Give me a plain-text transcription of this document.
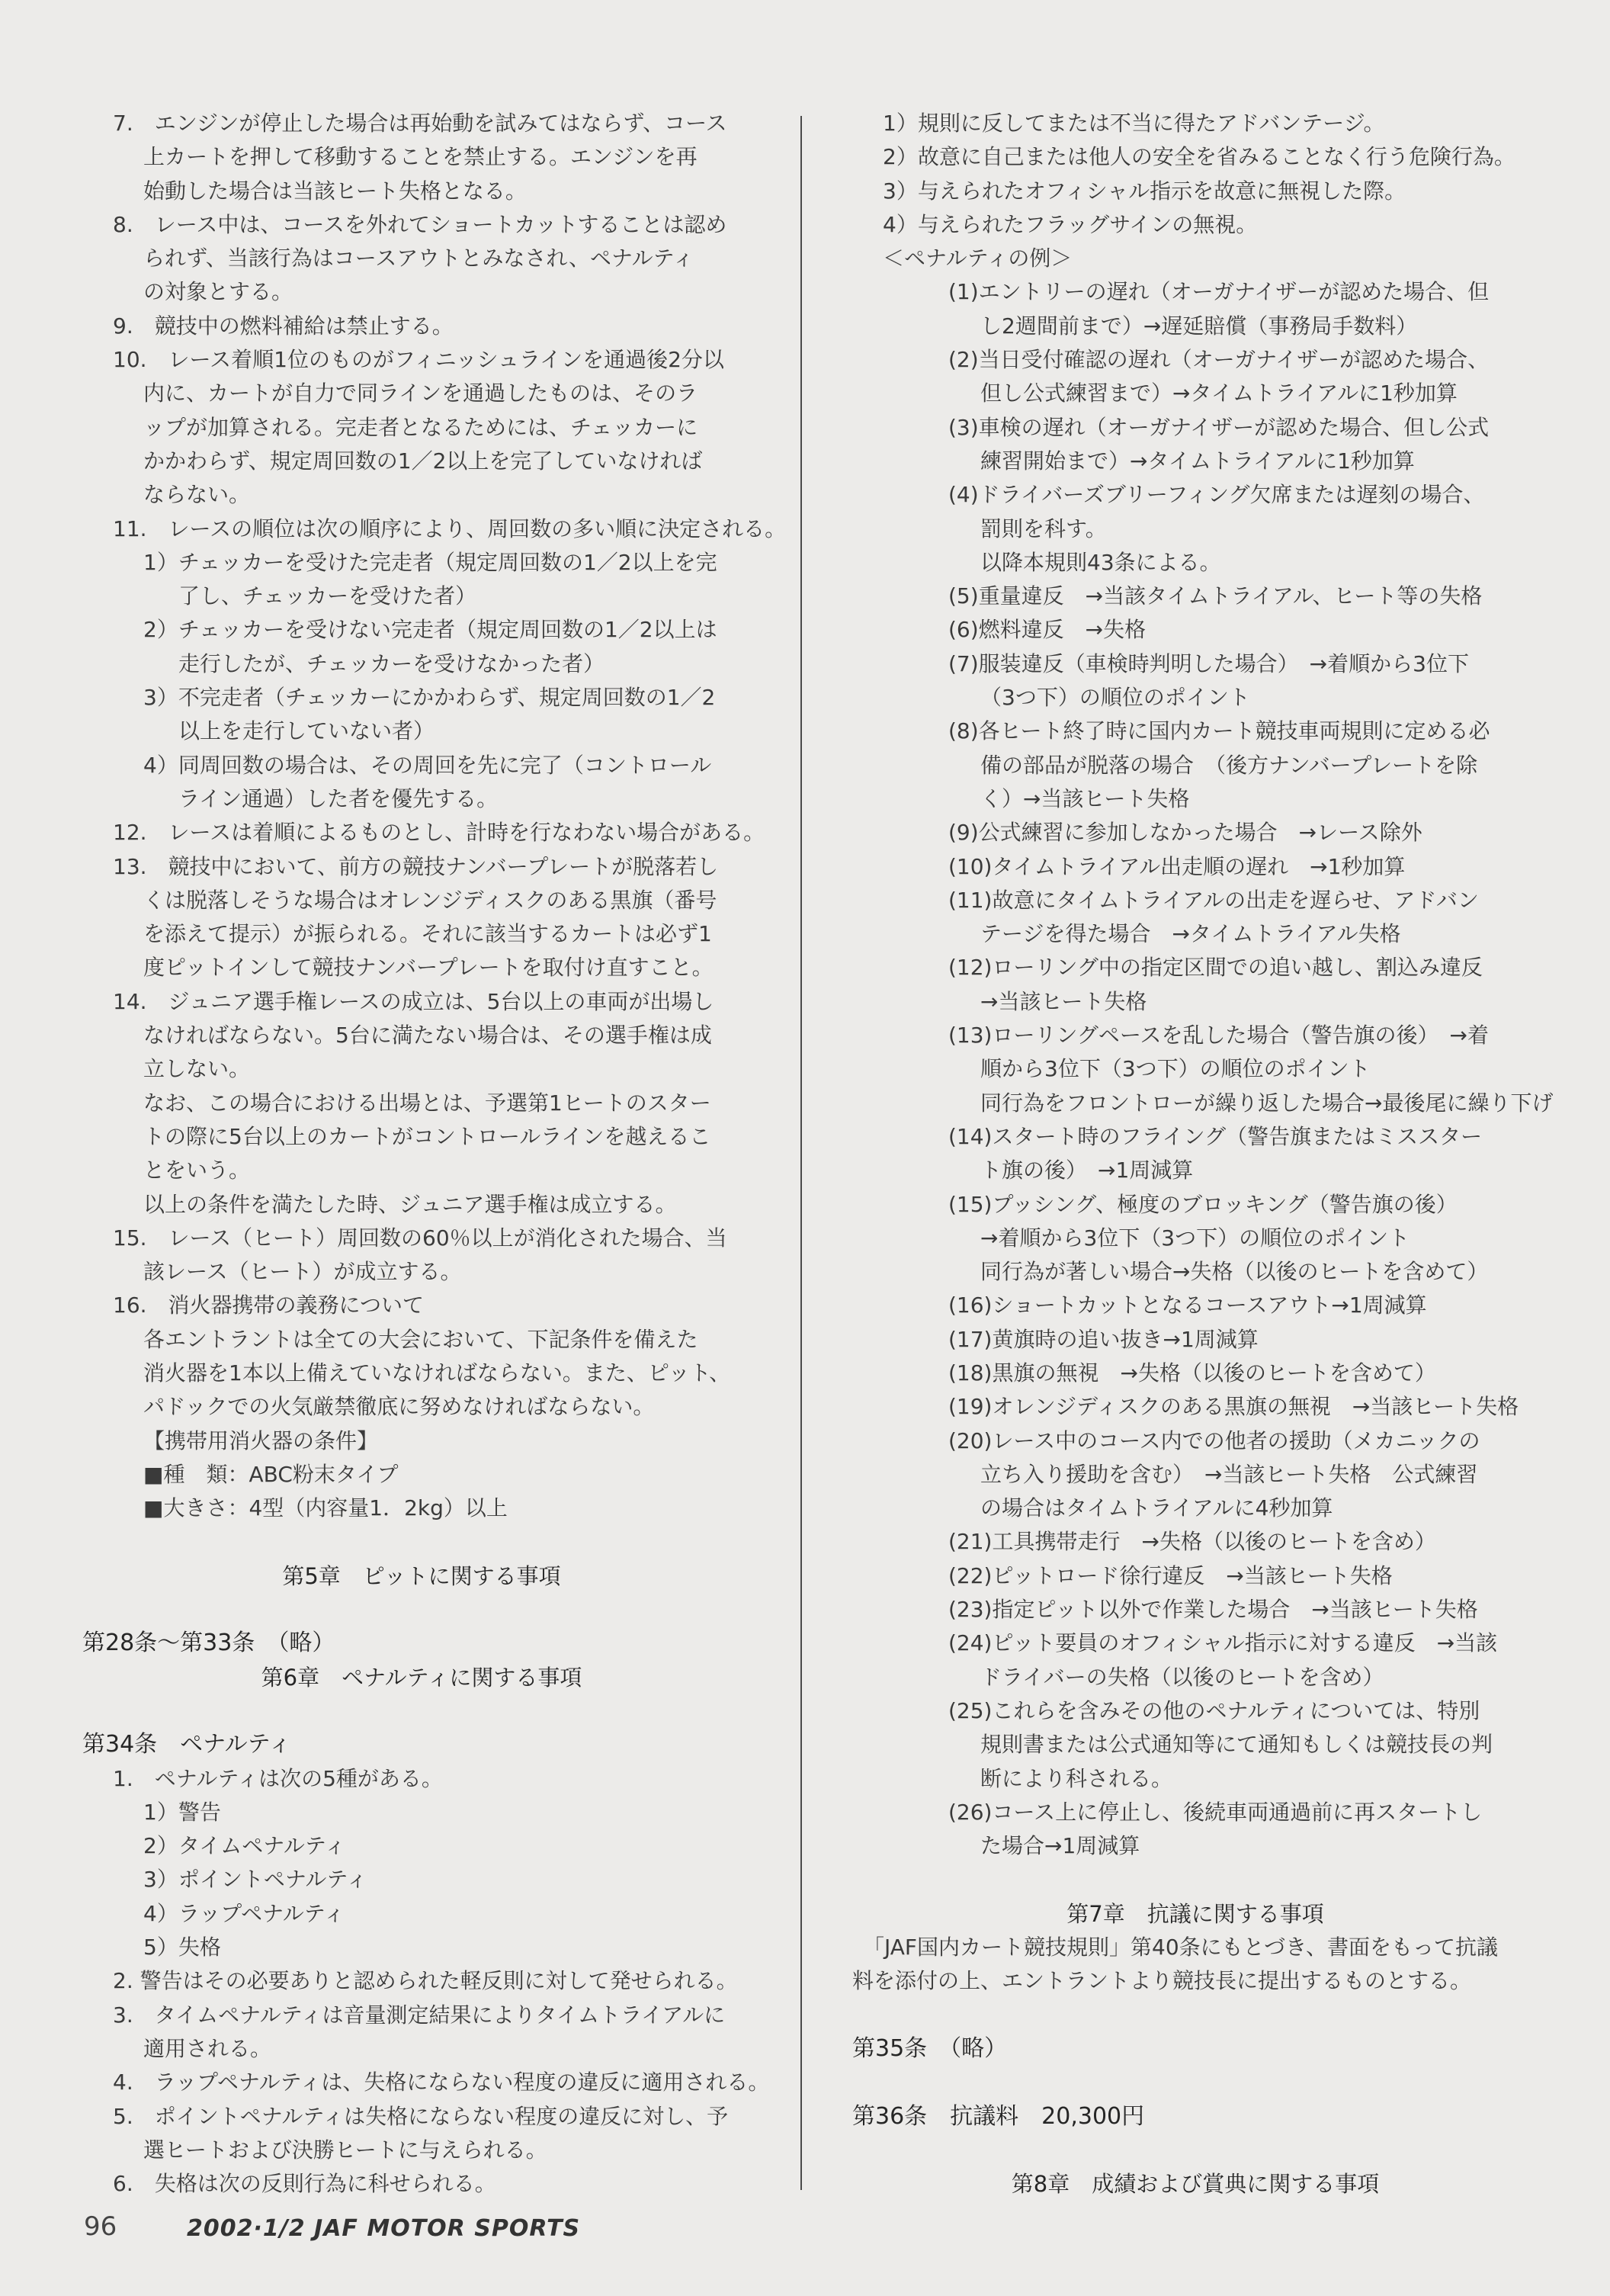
7.　エンジンが停止した場合は再始動を試みてはならず、コース
上カートを押して移動することを禁止する。エンジンを再
始動した場合は当該ヒート失格となる。
8.　レース中は、コースを外れてショートカットすることは認め
られず、当該行為はコースアウトとみなされ、ペナルティ
の対象とする。
9.　競技中の燃料補給は禁止する。
10.　レース着順1位のものがフィニッシュラインを通過後2分以
内に、カートが自力で同ラインを通過したものは、そのラ
ップが加算される。完走者となるためには、チェッカーに
かかわらず、規定周回数の1／2以上を完了していなければ
ならない。
11.　レースの順位は次の順序により、周回数の多い順に決定される。
1）チェッカーを受けた完走者（規定周回数の1／2以上を完
了し、チェッカーを受けた者）
2）チェッカーを受けない完走者（規定周回数の1／2以上は
走行したが、チェッカーを受けなかった者）
3）不完走者（チェッカーにかかわらず、規定周回数の1／2
以上を走行していない者）
4）同周回数の場合は、その周回を先に完了（コントロール
ライン通過）した者を優先する。
12.　レースは着順によるものとし、計時を行なわない場合がある。
13.　競技中において、前方の競技ナンバープレートが脱落若し
くは脱落しそうな場合はオレンジディスクのある黒旗（番号
を添えて提示）が振られる。それに該当するカートは必ず1
度ピットインして競技ナンバープレートを取付け直すこと。
14.　ジュニア選手権レースの成立は、5台以上の車両が出場し
なければならない。5台に満たない場合は、その選手権は成
立しない。
なお、この場合における出場とは、予選第1ヒートのスター
トの際に5台以上のカートがコントロールラインを越えるこ
とをいう。
以上の条件を満たした時、ジュニア選手権は成立する。
15.　レース（ヒート）周回数の60％以上が消化された場合、当
該レース（ヒート）が成立する。
16.　消火器携帯の義務について
各エントラントは全ての大会において、下記条件を備えた
消火器を1本以上備えていなければならない。また、ピット、
パドックでの火気厳禁徹底に努めなければならない。
【携帯用消火器の条件】
■種　類：ABC粉末タイプ
■大きさ：4型（内容量1．2kg）以上
第5章　ピットに関する事項
第28条〜第33条　（略）
第6章　ペナルティに関する事項
第34条　ペナルティ
1.　ペナルティは次の5種がある。
1）警告
2）タイムペナルティ
3）ポイントペナルティ
4）ラップペナルティ
5）失格
2. 警告はその必要ありと認められた軽反則に対して発せられる。
3.　タイムペナルティは音量測定結果によりタイムトライアルに
適用される。
4.　ラップペナルティは、失格にならない程度の違反に適用される。
5.　ポイントペナルティは失格にならない程度の違反に対し、予
選ヒートおよび決勝ヒートに与えられる。
6.　失格は次の反則行為に科せられる。
1）規則に反してまたは不当に得たアドバンテージ。
2）故意に自己または他人の安全を省みることなく行う危険行為。
3）与えられたオフィシャル指示を故意に無視した際。
4）与えられたフラッグサインの無視。
＜ペナルティの例＞
(1)エントリーの遅れ（オーガナイザーが認めた場合、但
し2週間前まで）→遅延賠償（事務局手数料）
(2)当日受付確認の遅れ（オーガナイザーが認めた場合、
但し公式練習まで）→タイムトライアルに1秒加算
(3)車検の遅れ（オーガナイザーが認めた場合、但し公式
練習開始まで）→タイムトライアルに1秒加算
(4)ドライバーズブリーフィング欠席または遅刻の場合、
罰則を科す。
以降本規則43条による。
(5)重量違反　→当該タイムトライアル、ヒート等の失格
(6)燃料違反　→失格
(7)服装違反（車検時判明した場合）　→着順から3位下
（3つ下）の順位のポイント
(8)各ヒート終了時に国内カート競技車両規則に定める必
備の部品が脱落の場合　（後方ナンバープレートを除
く）→当該ヒート失格
(9)公式練習に参加しなかった場合　→レース除外
(10)タイムトライアル出走順の遅れ　→1秒加算
(11)故意にタイムトライアルの出走を遅らせ、アドバン
テージを得た場合　→タイムトライアル失格
(12)ローリング中の指定区間での追い越し、割込み違反
→当該ヒート失格
(13)ローリングペースを乱した場合（警告旗の後）　→着
順から3位下（3つ下）の順位のポイント
同行為をフロントローが繰り返した場合→最後尾に繰り下げ
(14)スタート時のフライング（警告旗またはミススター
ト旗の後）　→1周減算
(15)プッシング、極度のブロッキング（警告旗の後）
→着順から3位下（3つ下）の順位のポイント
同行為が著しい場合→失格（以後のヒートを含めて）
(16)ショートカットとなるコースアウト→1周減算
(17)黄旗時の追い抜き→1周減算
(18)黒旗の無視　→失格（以後のヒートを含めて）
(19)オレンジディスクのある黒旗の無視　→当該ヒート失格
(20)レース中のコース内での他者の援助（メカニックの
立ち入り援助を含む）　→当該ヒート失格　公式練習
の場合はタイムトライアルに4秒加算
(21)工具携帯走行　→失格（以後のヒートを含め）
(22)ピットロード徐行違反　→当該ヒート失格
(23)指定ピット以外で作業した場合　→当該ヒート失格
(24)ピット要員のオフィシャル指示に対する違反　→当該
ドライバーの失格（以後のヒートを含め）
(25)これらを含みその他のペナルティについては、特別
規則書または公式通知等にて通知もしくは競技長の判
断により科される。
(26)コース上に停止し、後続車両通過前に再スタートし
た場合→1周減算
第7章　抗議に関する事項
　「JAF国内カート競技規則」第40条にもとづき、書面をもって抗議
料を添付の上、エントラントより競技長に提出するものとする。
第35条　（略）
第36条　抗議料　20,300円
第8章　成績および賞典に関する事項
96	2002·1/2 JAF MOTOR SPORTS
